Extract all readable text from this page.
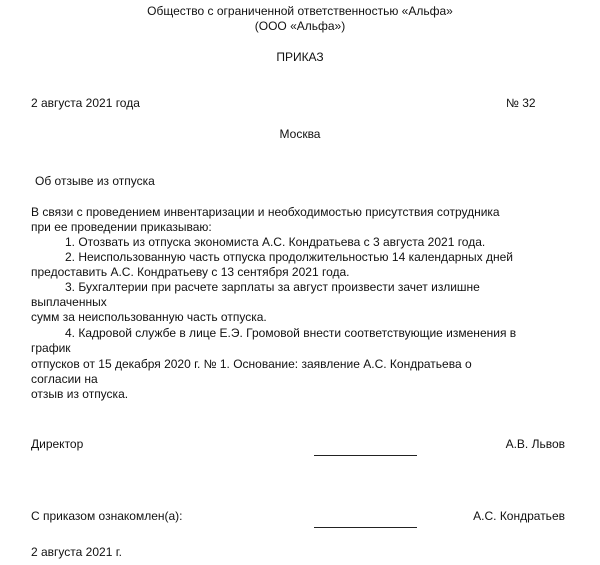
Общество с ограниченной ответственностью «Альфа»
(ООО «Альфа»)
ПРИКАЗ
2 августа 2021 года	№ 32
Москва
Об отзыве из отпуска
В связи с проведением инвентаризации и необходимостью присутствия сотрудника
при ее проведении приказываю:
1. Отозвать из отпуска экономиста А.С. Кондратьева с 3 августа 2021 года.
2. Неиспользованную часть отпуска продолжительностью 14 календарных дней
предоставить А.С. Кондратьеву с 13 сентября 2021 года.
3. Бухгалтерии при расчете зарплаты за август произвести зачет излишне
выплаченных
сумм за неиспользованную часть отпуска.
4. Кадровой службе в лице Е.Э. Громовой внести соответствующие изменения в
график
отпусков от 15 декабря 2020 г. № 1. Основание: заявление А.С. Кондратьева о
согласии на
отзыв из отпуска.
Директор	А.В. Львов
С приказом ознакомлен(а):	А.С. Кондратьев
2 августа 2021 г.
